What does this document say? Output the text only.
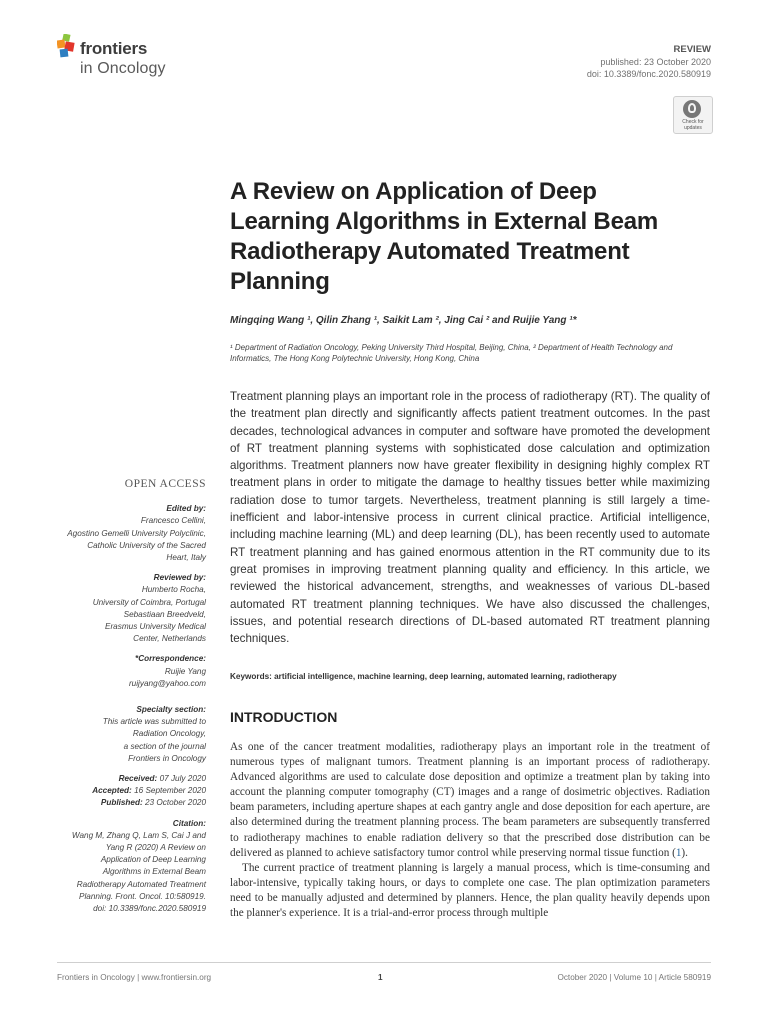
frontiers
in Oncology
REVIEW
published: 23 October 2020
doi: 10.3389/fonc.2020.580919
Check for updates
A Review on Application of Deep Learning Algorithms in External Beam Radiotherapy Automated Treatment Planning
Mingqing Wang ¹, Qilin Zhang ¹, Saikit Lam ², Jing Cai ² and Ruijie Yang ¹*
¹ Department of Radiation Oncology, Peking University Third Hospital, Beijing, China, ² Department of Health Technology and Informatics, The Hong Kong Polytechnic University, Hong Kong, China
Treatment planning plays an important role in the process of radiotherapy (RT). The quality of the treatment plan directly and significantly affects patient treatment outcomes. In the past decades, technological advances in computer and software have promoted the development of RT treatment planning systems with sophisticated dose calculation and optimization algorithms. Treatment planners now have greater flexibility in designing highly complex RT treatment plans in order to mitigate the damage to healthy tissues better while maximizing radiation dose to tumor targets. Nevertheless, treatment planning is still largely a time-inefficient and labor-intensive process in current clinical practice. Artificial intelligence, including machine learning (ML) and deep learning (DL), has been recently used to automate RT treatment planning and has gained enormous attention in the RT community due to its great promises in improving treatment planning quality and efficiency. In this article, we reviewed the historical advancement, strengths, and weaknesses of various DL-based automated RT treatment planning techniques. We have also discussed the challenges, issues, and potential research directions of DL-based automated RT treatment planning techniques.
Keywords: artificial intelligence, machine learning, deep learning, automated learning, radiotherapy
OPEN ACCESS
Edited by:
Francesco Cellini,
Agostino Gemelli University Polyclinic,
Catholic University of the Sacred
Heart, Italy
Reviewed by:
Humberto Rocha,
University of Coimbra, Portugal
Sebastiaan Breedveld,
Erasmus University Medical
Center, Netherlands
*Correspondence:
Ruijie Yang
ruijyang@yahoo.com
Specialty section:
This article was submitted to
Radiation Oncology,
a section of the journal
Frontiers in Oncology
Received: 07 July 2020
Accepted: 16 September 2020
Published: 23 October 2020
Citation:
Wang M, Zhang Q, Lam S, Cai J and
Yang R (2020) A Review on
Application of Deep Learning
Algorithms in External Beam
Radiotherapy Automated Treatment
Planning. Front. Oncol. 10:580919.
doi: 10.3389/fonc.2020.580919
INTRODUCTION

As one of the cancer treatment modalities, radiotherapy plays an important role in the treatment of numerous types of malignant tumors. Treatment planning is an important process of radiotherapy. Advanced algorithms are used to calculate dose deposition and optimize a treatment plan by taking into account the planning computer tomography (CT) images and a range of dosimetric objectives. Radiation beam parameters, including aperture shapes at each gantry angle and dose deposition for each aperture, are also determined during the treatment planning process. The beam parameters are subsequently transferred to radiotherapy machines to enable radiation delivery so that the prescribed dose distribution can be delivered as planned to achieve satisfactory tumor control while preserving normal tissue function (1).

The current practice of treatment planning is largely a manual process, which is time-consuming and labor-intensive, typically taking hours, or days to complete one case. The plan optimization parameters need to be manually adjusted and determined by planners. Hence, the plan quality heavily depends upon the planner's experience. It is a trial-and-error process through multiple

Frontiers in Oncology | www.frontiersin.org	1	October 2020 | Volume 10 | Article 580919
